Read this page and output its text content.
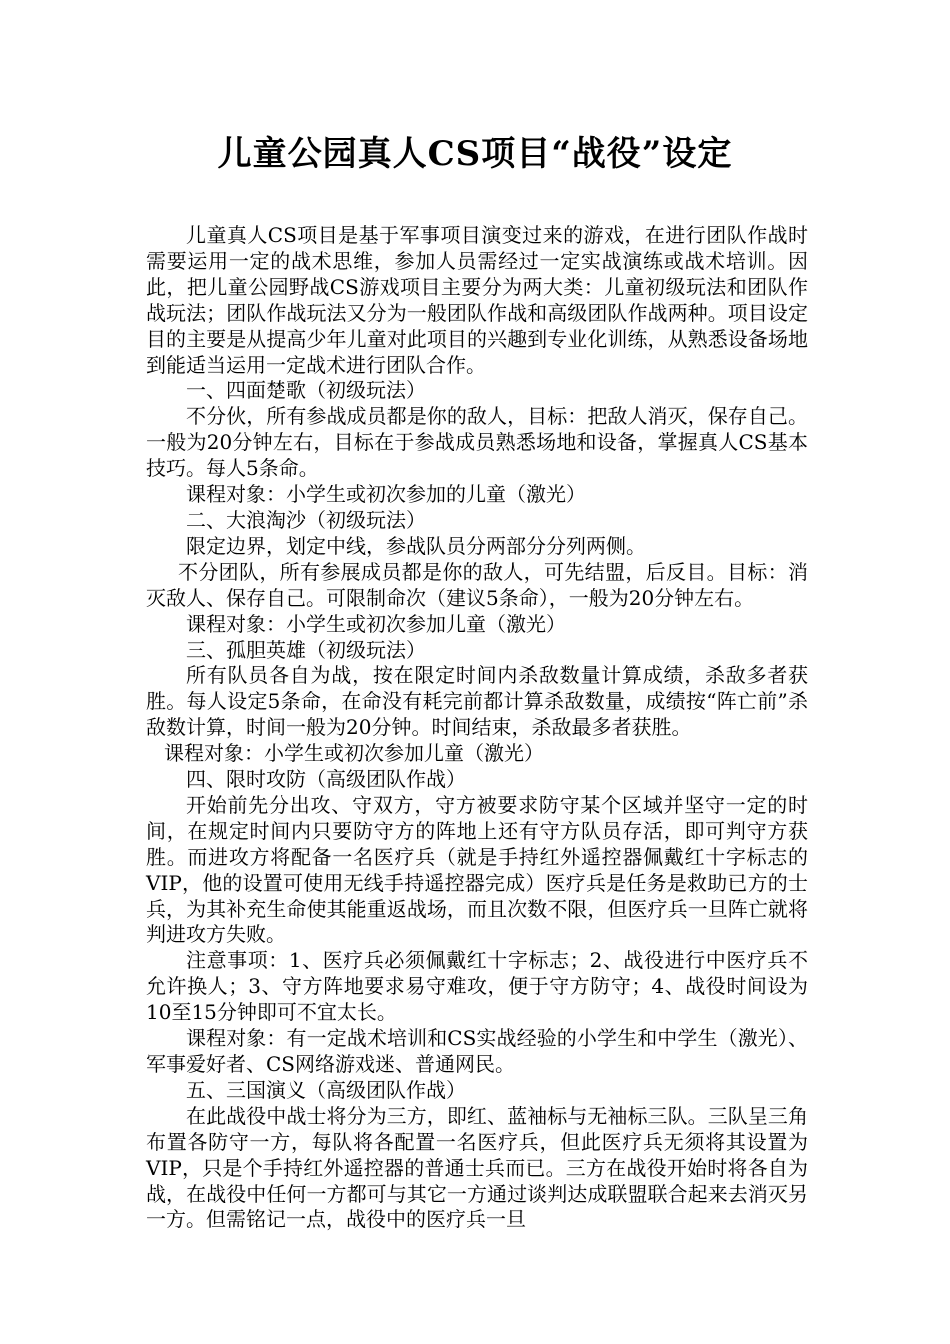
儿童公园真人CS项目“战役”设定

儿童真人CS项目是基于军事项目演变过来的游戏，在进行团队作战时需要运用一定的战术思维，参加人员需经过一定实战演练或战术培训。因此，把儿童公园野战CS游戏项目主要分为两大类：儿童初级玩法和团队作战玩法；团队作战玩法又分为一般团队作战和高级团队作战两种。项目设定目的主要是从提高少年儿童对此项目的兴趣到专业化训练，从熟悉设备场地到能适当运用一定战术进行团队合作。

一、四面楚歌（初级玩法）

不分伙，所有参战成员都是你的敌人，目标：把敌人消灭，保存自己。一般为20分钟左右，目标在于参战成员熟悉场地和设备，掌握真人CS基本技巧。每人5条命。

课程对象：小学生或初次参加的儿童（激光）

二、大浪淘沙（初级玩法）

限定边界，划定中线，参战队员分两部分分列两侧。

不分团队，所有参展成员都是你的敌人，可先结盟，后反目。目标：消灭敌人、保存自己。可限制命次（建议5条命），一般为20分钟左右。

课程对象：小学生或初次参加儿童（激光）

三、孤胆英雄（初级玩法）

所有队员各自为战，按在限定时间内杀敌数量计算成绩，杀敌多者获胜。每人设定5条命，在命没有耗完前都计算杀敌数量，成绩按“阵亡前”杀敌数计算，时间一般为20分钟。时间结束，杀敌最多者获胜。

课程对象：小学生或初次参加儿童（激光）

四、限时攻防（高级团队作战）

开始前先分出攻、守双方，守方被要求防守某个区域并坚守一定的时间，在规定时间内只要防守方的阵地上还有守方队员存活，即可判守方获胜。而进攻方将配备一名医疗兵（就是手持红外遥控器佩戴红十字标志的VIP，他的设置可使用无线手持遥控器完成）医疗兵是任务是救助已方的士兵，为其补充生命使其能重返战场，而且次数不限，但医疗兵一旦阵亡就将判进攻方失败。

注意事项：1、医疗兵必须佩戴红十字标志；2、战役进行中医疗兵不允许换人；3、守方阵地要求易守难攻，便于守方防守；4、战役时间设为10至15分钟即可不宜太长。

课程对象：有一定战术培训和CS实战经验的小学生和中学生（激光）、军事爱好者、CS网络游戏迷、普通网民。

五、三国演义（高级团队作战）

在此战役中战士将分为三方，即红、蓝袖标与无袖标三队。三队呈三角布置各防守一方，每队将各配置一名医疗兵，但此医疗兵无须将其设置为VIP，只是个手持红外遥控器的普通士兵而已。三方在战役开始时将各自为战，在战役中任何一方都可与其它一方通过谈判达成联盟联合起来去消灭另一方。但需铭记一点，战役中的医疗兵一旦
